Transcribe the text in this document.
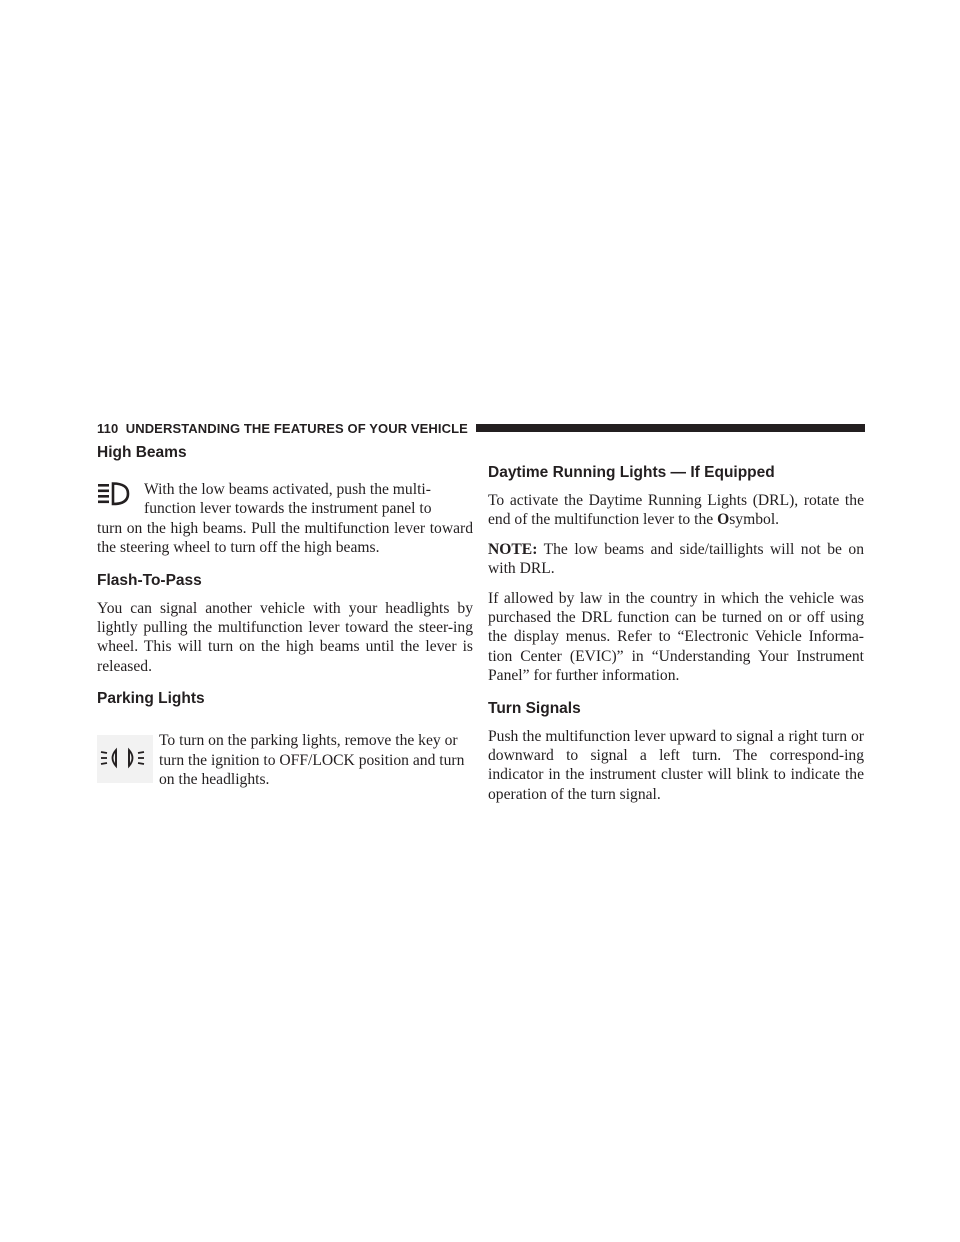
110 UNDERSTANDING THE FEATURES OF YOUR VEHICLE
High Beams

With the low beams activated, push the multi-
function lever towards the instrument panel to
turn on the high beams. Pull the multifunction lever toward the steering wheel to turn off the high beams.

Flash-To-Pass

You can signal another vehicle with your headlights by lightly pulling the multifunction lever toward the steer-ing wheel. This will turn on the high beams until the lever is released.

Parking Lights

To turn on the parking lights, remove the key or turn the ignition to OFF/LOCK position and turn on the headlights.

Daytime Running Lights — If Equipped

To activate the Daytime Running Lights (DRL), rotate the end of the multifunction lever to the Osymbol.

NOTE: The low beams and side/taillights will not be on with DRL.

If allowed by law in the country in which the vehicle was purchased the DRL function can be turned on or off using the display menus. Refer to “Electronic Vehicle Informa-tion Center (EVIC)” in “Understanding Your Instrument Panel” for further information.

Turn Signals

Push the multifunction lever upward to signal a right turn or downward to signal a left turn. The correspond-ing indicator in the instrument cluster will blink to indicate the operation of the turn signal.
